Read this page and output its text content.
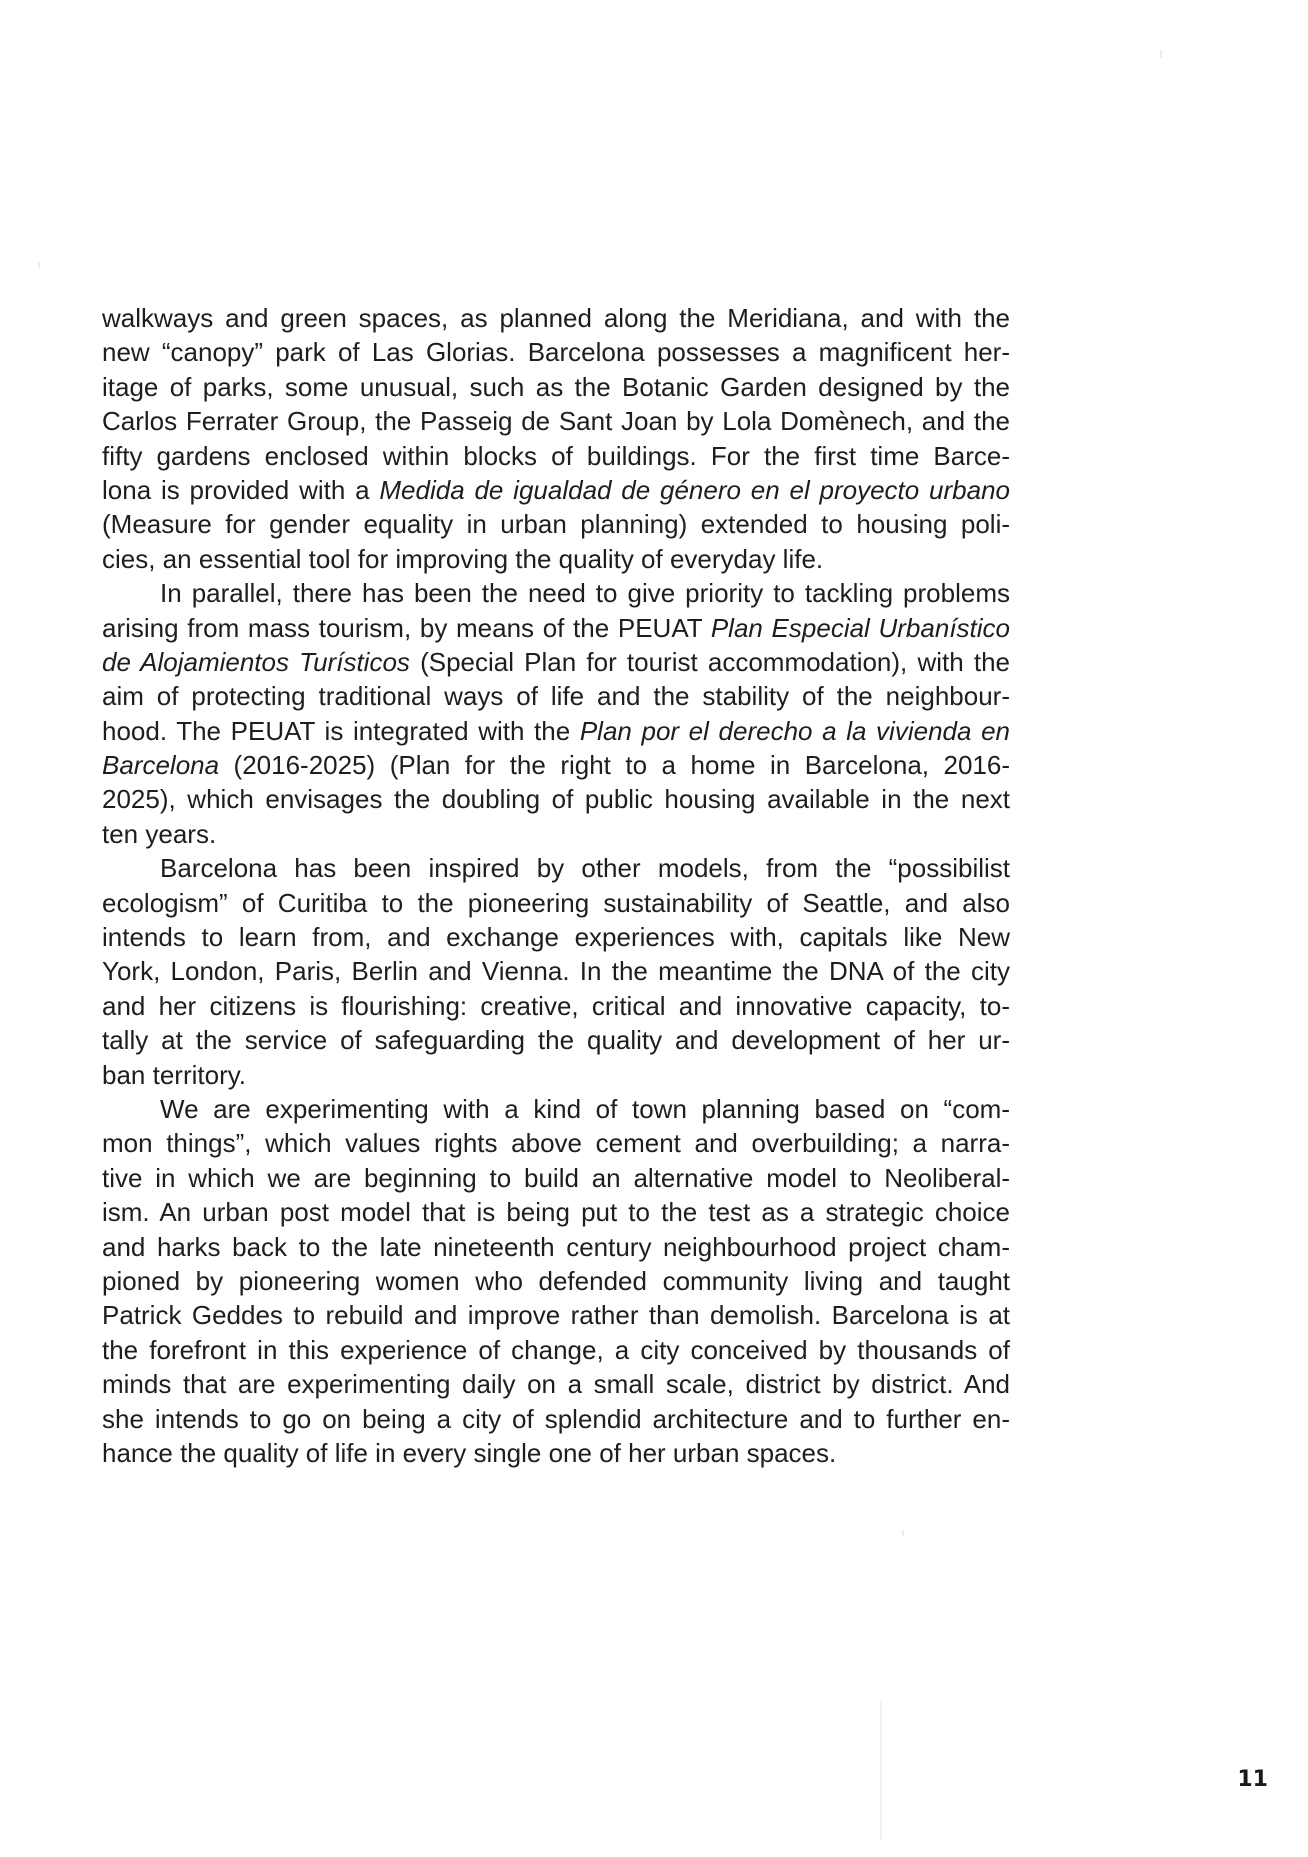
walkways and green spaces, as planned along the Meridiana, and with the
new “canopy” park of Las Glorias. Barcelona possesses a magnificent her-
itage of parks, some unusual, such as the Botanic Garden designed by the
Carlos Ferrater Group, the Passeig de Sant Joan by Lola Domènech, and the
fifty gardens enclosed within blocks of buildings. For the first time Barce-
lona is provided with a Medida de igualdad de género en el proyecto urbano
(Measure for gender equality in urban planning) extended to housing poli-
cies, an essential tool for improving the quality of everyday life.
In parallel, there has been the need to give priority to tackling problems
arising from mass tourism, by means of the PEUAT Plan Especial Urbanístico
de Alojamientos Turísticos (Special Plan for tourist accommodation), with the
aim of protecting traditional ways of life and the stability of the neighbour-
hood. The PEUAT is integrated with the Plan por el derecho a la vivienda en
Barcelona (2016-2025) (Plan for the right to a home in Barcelona, 2016-
2025), which envisages the doubling of public housing available in the next
ten years.
Barcelona has been inspired by other models, from the “possibilist
ecologism” of Curitiba to the pioneering sustainability of Seattle, and also
intends to learn from, and exchange experiences with, capitals like New
York, London, Paris, Berlin and Vienna. In the meantime the DNA of the city
and her citizens is flourishing: creative, critical and innovative capacity, to-
tally at the service of safeguarding the quality and development of her ur-
ban territory.
We are experimenting with a kind of town planning based on “com-
mon things”, which values rights above cement and overbuilding; a narra-
tive in which we are beginning to build an alternative model to Neoliberal-
ism. An urban post model that is being put to the test as a strategic choice
and harks back to the late nineteenth century neighbourhood project cham-
pioned by pioneering women who defended community living and taught
Patrick Geddes to rebuild and improve rather than demolish. Barcelona is at
the forefront in this experience of change, a city conceived by thousands of
minds that are experimenting daily on a small scale, district by district. And
she intends to go on being a city of splendid architecture and to further en-
hance the quality of life in every single one of her urban spaces.
11
